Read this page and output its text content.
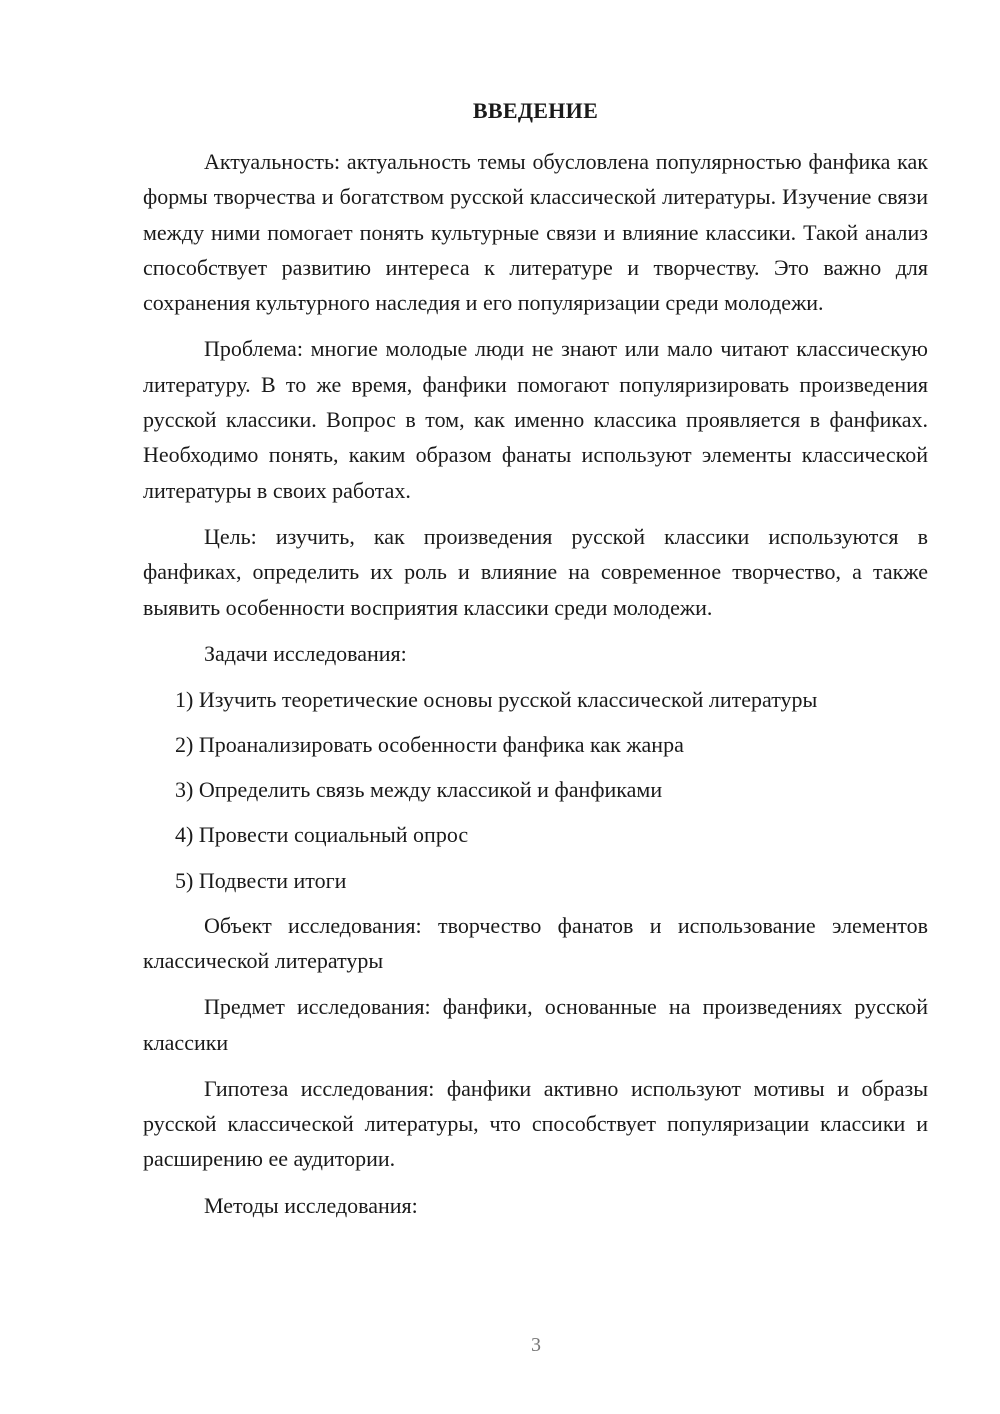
ВВЕДЕНИЕ

Актуальность: актуальность темы обусловлена популярностью фанфика как формы творчества и богатством русской классической литературы. Изучение связи между ними помогает понять культурные связи и влияние классики. Такой анализ способствует развитию интереса к литературе и творчеству. Это важно для сохранения культурного наследия и его популяризации среди молодежи.

Проблема: многие молодые люди не знают или мало читают классическую литературу. В то же время, фанфики помогают популяризировать произведения русской классики. Вопрос в том, как именно классика проявляется в фанфиках. Необходимо понять, каким образом фанаты используют элементы классической литературы в своих работах.

Цель: изучить, как произведения русской классики используются в фанфиках, определить их роль и влияние на современное творчество, а также выявить особенности восприятия классики среди молодежи.

Задачи исследования:

1) Изучить теоретические основы русской классической литературы
2) Проанализировать особенности фанфика как жанра
3) Определить связь между классикой и фанфиками
4) Провести социальный опрос
5) Подвести итоги

Объект исследования: творчество фанатов и использование элементов классической литературы

Предмет исследования: фанфики, основанные на произведениях русской классики

Гипотеза исследования: фанфики активно используют мотивы и образы русской классической литературы, что способствует популяризации классики и расширению ее аудитории.

Методы исследования:

3
